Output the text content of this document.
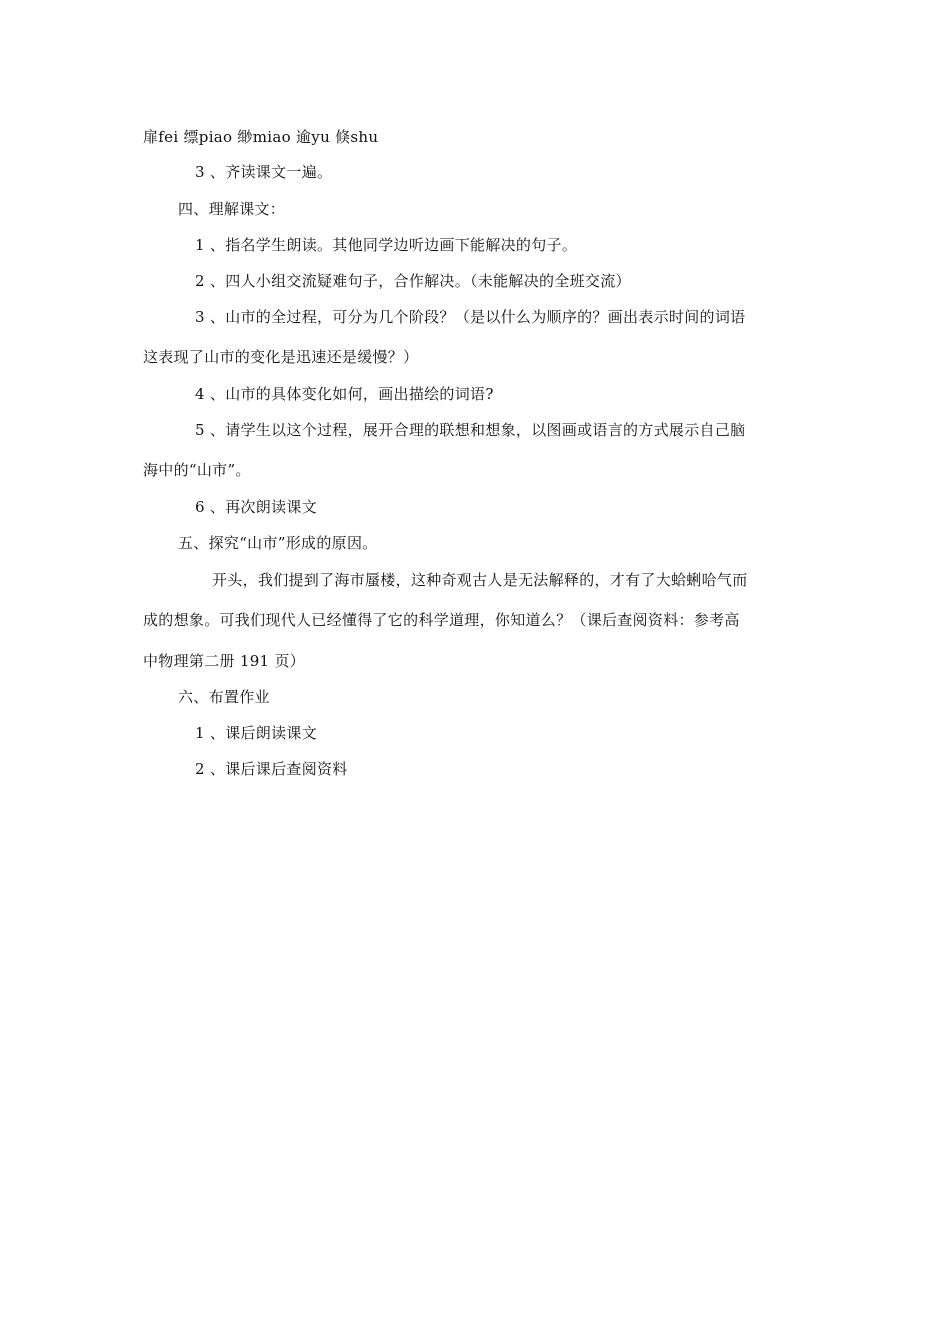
扉fei 缥piao 缈miao 逾yu 倏shu
3 、齐读课文一遍。
四、理解课文：
1 、指名学生朗读。其他同学边听边画下能解决的句子。
2 、四人小组交流疑难句子，合作解决。（未能解决的全班交流）
3 、山市的全过程，可分为几个阶段？（是以什么为顺序的？画出表示时间的词语
这表现了山市的变化是迅速还是缓慢？）
4 、山市的具体变化如何，画出描绘的词语?
5 、请学生以这个过程，展开合理的联想和想象，以图画或语言的方式展示自己脑
海中的“山市”。
6 、再次朗读课文
五、探究“山市”形成的原因。
开头，我们提到了海市蜃楼，这种奇观古人是无法解释的，才有了大蛤蜊哈气而
成的想象。可我们现代人已经懂得了它的科学道理，你知道么？（课后查阅资料：参考高
中物理第二册 191 页）
六、布置作业
1 、课后朗读课文
2 、课后课后查阅资料
